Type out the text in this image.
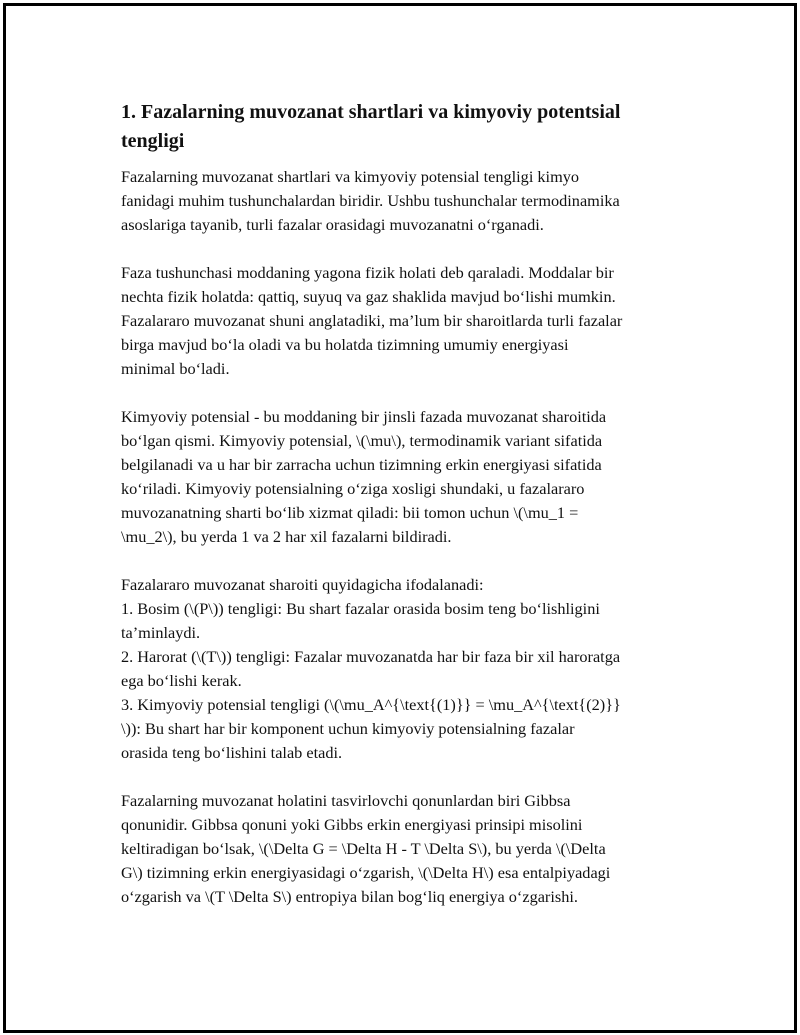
1. Fazalarning muvozanat shartlari va kimyoviy potentsial
tengligi
Fazalarning muvozanat shartlari va kimyoviy potensial tengligi kimyo
fanidagi muhim tushunchalardan biridir. Ushbu tushunchalar termodinamika
asoslariga tayanib, turli fazalar orasidagi muvozanatni o‘rganadi.
Faza tushunchasi moddaning yagona fizik holati deb qaraladi. Moddalar bir
nechta fizik holatda: qattiq, suyuq va gaz shaklida mavjud bo‘lishi mumkin.
Fazalararo muvozanat shuni anglatadiki, ma’lum bir sharoitlarda turli fazalar
birga mavjud bo‘la oladi va bu holatda tizimning umumiy energiyasi
minimal bo‘ladi.
Kimyoviy potensial - bu moddaning bir jinsli fazada muvozanat sharoitida
bo‘lgan qismi. Kimyoviy potensial, \(\mu\), termodinamik variant sifatida
belgilanadi va u har bir zarracha uchun tizimning erkin energiyasi sifatida
ko‘riladi. Kimyoviy potensialning o‘ziga xosligi shundaki, u fazalararo
muvozanatning sharti bo‘lib xizmat qiladi: bii tomon uchun \(\mu_1 =
\mu_2\), bu yerda 1 va 2 har xil fazalarni bildiradi.
Fazalararo muvozanat sharoiti quyidagicha ifodalanadi:
1. Bosim (\(P\)) tengligi: Bu shart fazalar orasida bosim teng bo‘lishligini
ta’minlaydi.
2. Harorat (\(T\)) tengligi: Fazalar muvozanatda har bir faza bir xil haroratga
ega bo‘lishi kerak.
3. Kimyoviy potensial tengligi (\(\mu_A^{\text{(1)}} = \mu_A^{\text{(2)}}
\)): Bu shart har bir komponent uchun kimyoviy potensialning fazalar
orasida teng bo‘lishini talab etadi.
Fazalarning muvozanat holatini tasvirlovchi qonunlardan biri Gibbsa
qonunidir. Gibbsa qonuni yoki Gibbs erkin energiyasi prinsipi misolini
keltiradigan bo‘lsak, \(\Delta G = \Delta H - T \Delta S\), bu yerda \(\Delta
G\) tizimning erkin energiyasidagi o‘zgarish, \(\Delta H\) esa entalpiyadagi
o‘zgarish va \(T \Delta S\) entropiya bilan bog‘liq energiya o‘zgarishi.
